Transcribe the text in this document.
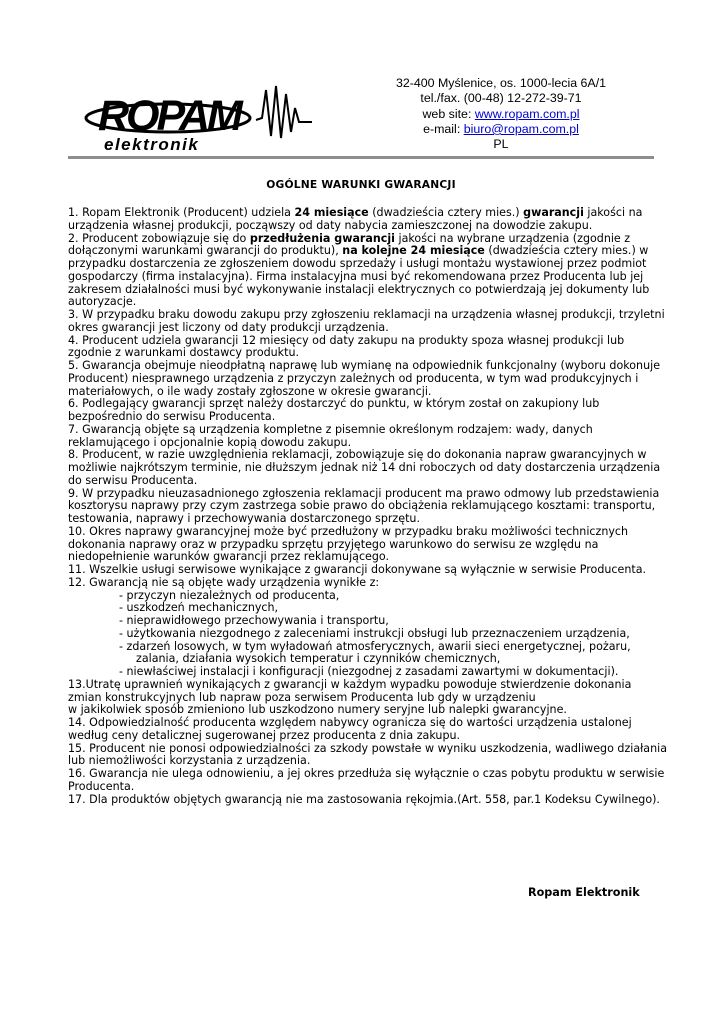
ROPAM
elektronik
32-400 Myślenice, os. 1000-lecia 6A/1
tel./fax. (00-48) 12-272-39-71
web site: www.ropam.com.pl
e-mail: biuro@ropam.com.pl
PL
OGÓLNE WARUNKI GWARANCJI

1. Ropam Elektronik (Producent) udziela 24 miesiące (dwadzieścia cztery mies.) gwarancji jakości na urządzenia własnej produkcji, począwszy od daty nabycia zamieszczonej na dowodzie zakupu.

2. Producent zobowiązuje się do przedłużenia gwarancji jakości na wybrane urządzenia (zgodnie z dołączonymi warunkami gwarancji do produktu), na kolejne 24 miesiące (dwadzieścia cztery mies.) w przypadku dostarczenia ze zgłoszeniem dowodu sprzedaży i usługi montażu wystawionej przez podmiot gospodarczy (firma instalacyjna). Firma instalacyjna musi być rekomendowana przez Producenta lub jej zakresem działalności musi być wykonywanie instalacji elektrycznych co potwierdzają jej dokumenty lub autoryzacje.

3. W przypadku braku dowodu zakupu przy zgłoszeniu reklamacji na urządzenia własnej produkcji, trzyletni okres gwarancji jest liczony od daty produkcji urządzenia.

4. Producent udziela gwarancji 12 miesięcy od daty zakupu na produkty spoza własnej produkcji lub zgodnie z warunkami dostawcy produktu.

5. Gwarancja obejmuje nieodpłatną naprawę lub wymianę na odpowiednik funkcjonalny (wyboru dokonuje Producent) niesprawnego urządzenia z przyczyn zależnych od producenta, w tym wad produkcyjnych i materiałowych, o ile wady zostały zgłoszone w okresie gwarancji.

6. Podlegający gwarancji sprzęt należy dostarczyć do punktu, w którym został on zakupiony lub bezpośrednio do serwisu Producenta.

7. Gwarancją objęte są urządzenia kompletne z pisemnie określonym rodzajem: wady, danych reklamującego i opcjonalnie kopią dowodu zakupu.

8. Producent, w razie uwzględnienia reklamacji, zobowiązuje się do dokonania napraw gwarancyjnych w możliwie najkrótszym terminie, nie dłuższym jednak niż 14 dni roboczych od daty dostarczenia urządzenia do serwisu Producenta.

9. W przypadku nieuzasadnionego zgłoszenia reklamacji producent ma prawo odmowy lub przedstawienia kosztorysu naprawy przy czym zastrzega sobie prawo do obciążenia reklamującego kosztami: transportu, testowania, naprawy i przechowywania dostarczonego sprzętu.

10. Okres naprawy gwarancyjnej może być przedłużony w przypadku braku możliwości technicznych dokonania naprawy oraz w przypadku sprzętu przyjętego warunkowo do serwisu ze względu na niedopełnienie warunków gwarancji przez reklamującego.

11. Wszelkie usługi serwisowe wynikające z gwarancji dokonywane są wyłącznie w serwisie Producenta.

12. Gwarancją nie są objęte wady urządzenia wynikłe z:

- przyczyn niezależnych od producenta,

- uszkodzeń mechanicznych,

- nieprawidłowego przechowywania i transportu,

- użytkowania niezgodnego z zaleceniami instrukcji obsługi lub przeznaczeniem urządzenia,

- zdarzeń losowych, w tym wyładowań atmosferycznych, awarii sieci energetycznej, pożaru,

zalania, działania wysokich temperatur i czynników chemicznych,

- niewłaściwej instalacji i konfiguracji (niezgodnej z zasadami zawartymi w dokumentacji).

13.Utratę uprawnień wynikających z gwarancji w każdym wypadku powoduje stwierdzenie dokonania zmian konstrukcyjnych lub napraw poza serwisem Producenta lub gdy w urządzeniu

w jakikolwiek sposób zmieniono lub uszkodzono numery seryjne lub nalepki gwarancyjne.

14. Odpowiedzialność producenta względem nabywcy ogranicza się do wartości urządzenia ustalonej według ceny detalicznej sugerowanej przez producenta z dnia zakupu.

15. Producent nie ponosi odpowiedzialności za szkody powstałe w wyniku uszkodzenia, wadliwego działania lub niemożliwości korzystania z urządzenia.

16. Gwarancja nie ulega odnowieniu, a jej okres przedłuża się wyłącznie o czas pobytu produktu w serwisie Producenta.

17. Dla produktów objętych gwarancją nie ma zastosowania rękojmia.(Art. 558, par.1 Kodeksu Cywilnego).

Ropam Elektronik
